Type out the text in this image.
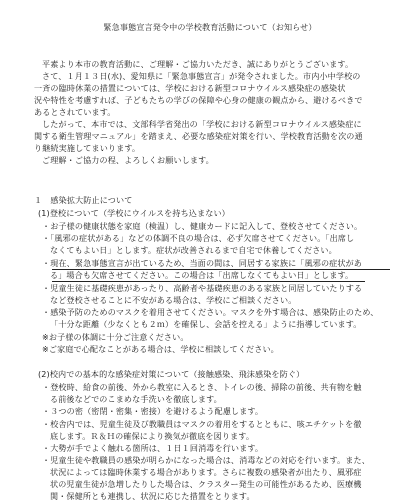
緊急事態宣言発令中の学校教育活動について（お知らせ）
平素より本市の教育活動に、ご理解・ご協力いただき、誠にありがとうございます。
さて、１月１３日(水)、愛知県に「緊急事態宣言」が発令されました。市内小中学校の
一斉の臨時休業の措置については、学校における新型コロナウイルス感染症の感染状
況や特性を考慮すれば、子どもたちの学びの保障や心身の健康の観点から、避けるべきで
あるとされています。
したがって、本市では、文部科学省発出の「学校における新型コロナウイルス感染症に
関する衛生管理マニュアル」を踏まえ、必要な感染症対策を行い、学校教育活動を次の通
り継続実施してまいります。
ご理解・ご協力の程、よろしくお願いします。
１　感染拡大防止について
(1)登校について（学校にウイルスを持ち込まない）
・お子様の健康状態を家庭（検温）し、健康カードに記入して、登校させてください。
・「風邪の症状がある」などの体調不良の場合は、必ず欠席させてください。「出席し
なくてもよい日」とします。症状が改善されるまで自宅で休養してください。
・現在、緊急事態宣言が出ているため、当面の間は、同居する家族に「風邪の症状があ
る」場合も欠席させてください。この場合は「出席しなくてもよい日」とします。
・児童生徒に基礎疾患があったり、高齢者や基礎疾患のある家族と同居していたりする
など登校させることに不安がある場合は、学校にご相談ください。
・感染予防のためのマスクを着用させてください。マスクを外す場合は、感染防止のため、
「十分な距離（少なくとも２ｍ）を確保し、会話を控える」ように指導しています。
※お子様の体調に十分ご注意ください。
※ご家庭で心配なことがある場合は、学校に相談してください。
(2)校内での基本的な感染症対策について（接触感染、飛沫感染を防ぐ）
・登校時、給食の前後、外から教室に入るとき、トイレの後、掃除の前後、共有物を触
る前後などでのこまめな手洗いを徹底します。
・３つの密（密閉・密集・密接）を避けるよう配慮します。
・校舎内では、児童生徒及び教職員はマスクの着用をするとともに、咳エチケットを徹
底します。Ｒ＆Ｈの確保により換気が徹底を図ります。
・大勢が手でよく触れる箇所は、１日１回消毒を行います。
・児童生徒や教職員の感染が明らかになった場合は、消毒などの対応を行います。また、
状況によっては臨時休業する場合があります。さらに複数の感染者が出たり、風邪症
状の児童生徒が急増したりした場合は、クラスター発生の可能性があるため、医療機
関・保健所とも連携し、状況に応じた措置をとります。
